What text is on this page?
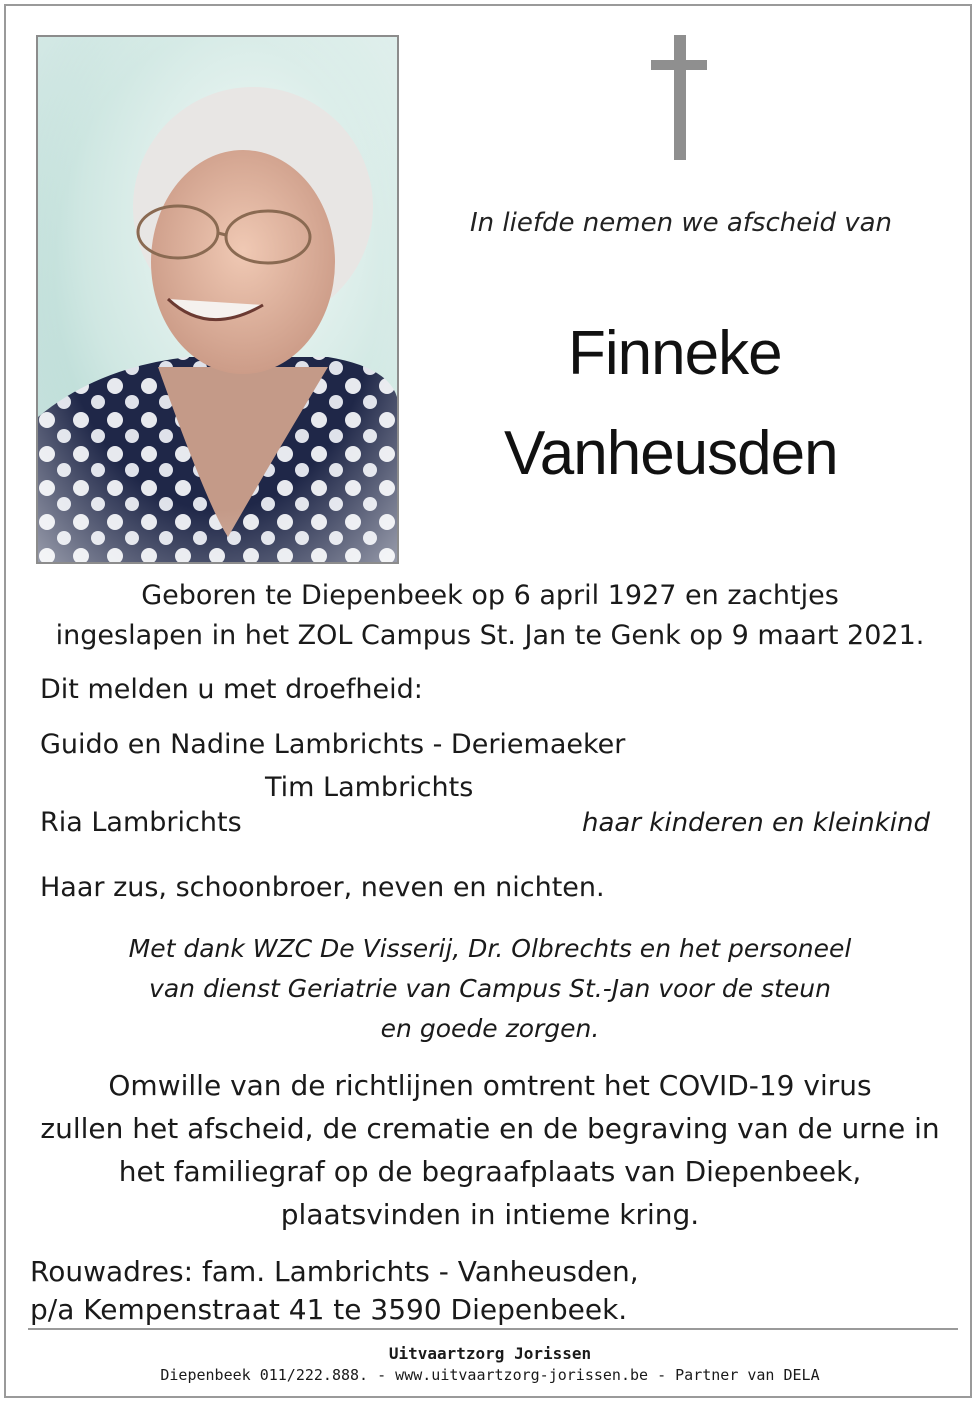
In liefde nemen we afscheid van
Finneke
Vanheusden
Geboren te Diepenbeek op 6 april 1927 en zachtjes
ingeslapen in het ZOL Campus St. Jan te Genk op 9 maart 2021.
Dit melden u met droefheid:
Guido en Nadine Lambrichts - Deriemaeker
Tim Lambrichts
Ria Lambrichts	haar kinderen en kleinkind
Haar zus, schoonbroer, neven en nichten.
Met dank WZC De Visserij, Dr. Olbrechts en het personeel
van dienst Geriatrie van Campus St.-Jan voor de steun
en goede zorgen.
Omwille van de richtlijnen omtrent het COVID-19 virus
zullen het afscheid, de crematie en de begraving van de urne in
het familiegraf op de begraafplaats van Diepenbeek,
plaatsvinden in intieme kring.
Rouwadres: fam. Lambrichts - Vanheusden,
p/a Kempenstraat 41 te 3590 Diepenbeek.
Uitvaartzorg Jorissen
Diepenbeek 011/222.888. - www.uitvaartzorg-jorissen.be - Partner van DELA
